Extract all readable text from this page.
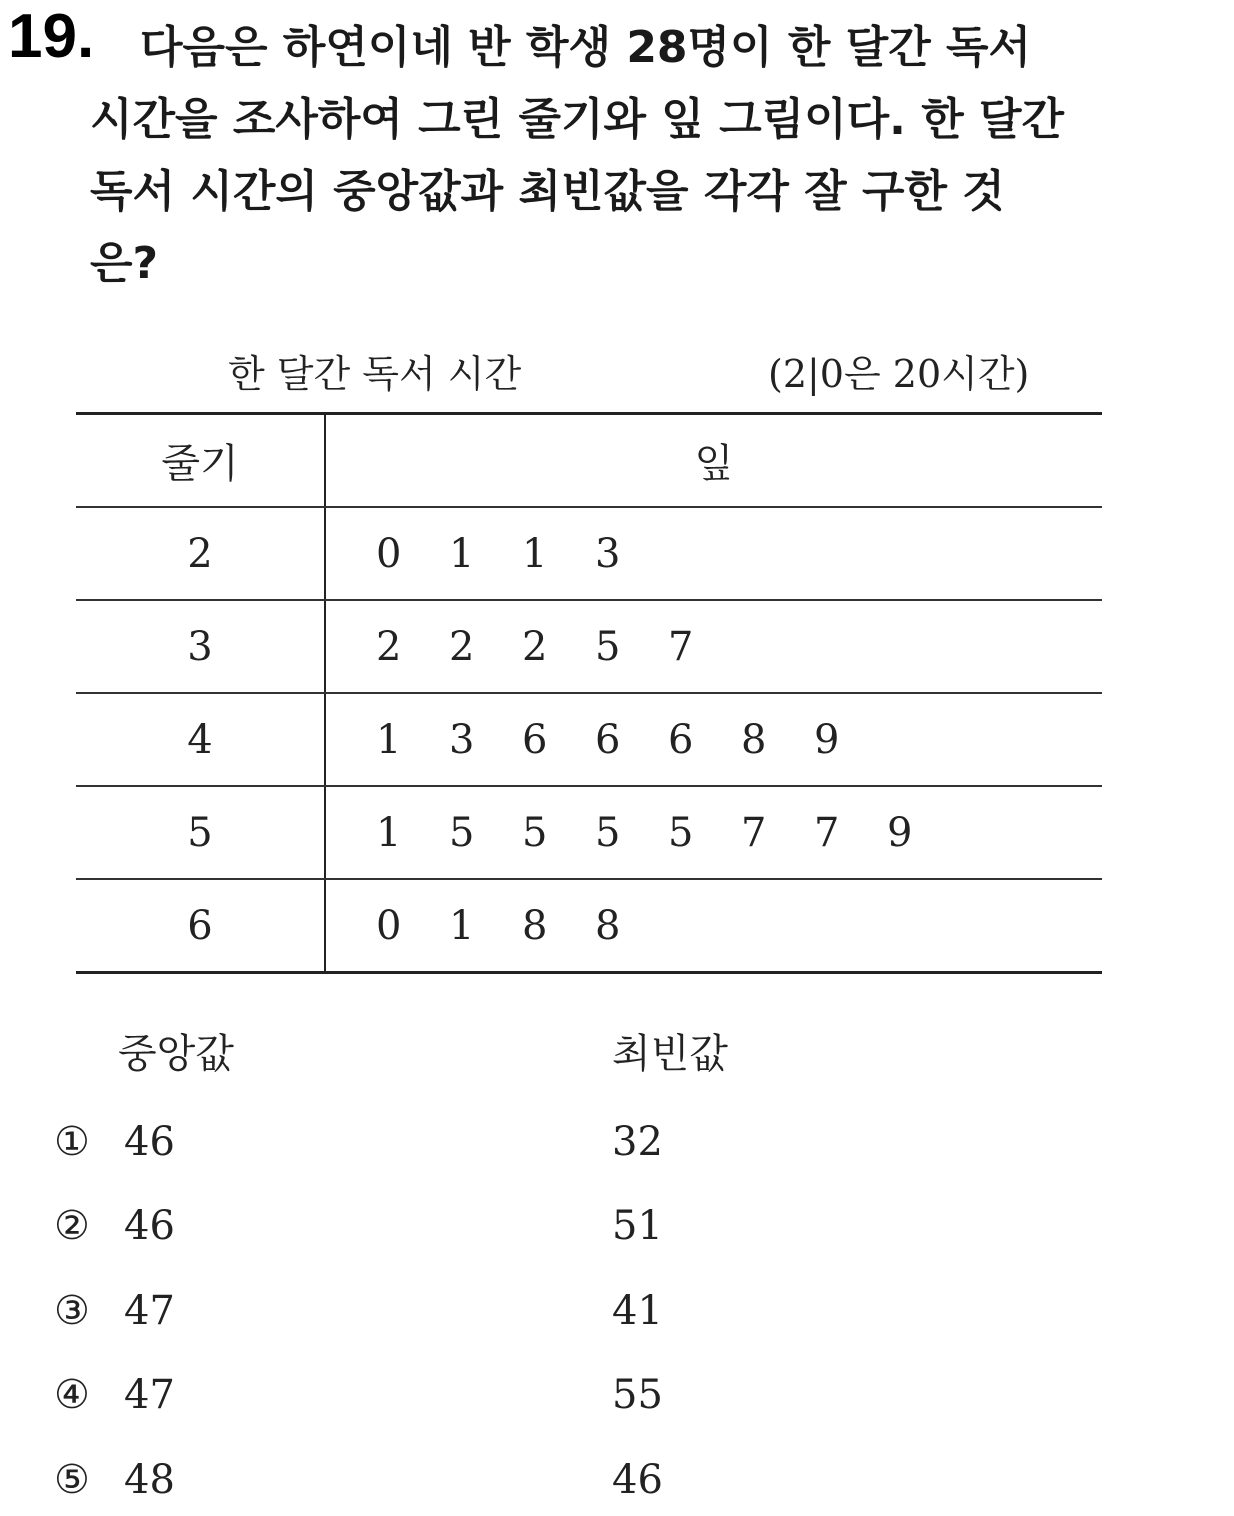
19.	다음은 하연이네 반 학생 28명이 한 달간 독서
시간을 조사하여 그린 줄기와 잎 그림이다. 한 달간
독서 시간의 중앙값과 최빈값을 각각 잘 구한 것
은?
한 달간 독서 시간	(2|0은 20시간)
줄기	잎
2	0 1 1 3
3	2 2 2 5 7
4	1 3 6 6 6 8 9
5	1 5 5 5 5 7 7 9
6	0 1 8 8
중앙값	최빈값
① 46	32
② 46	51
③ 47	41
④ 47	55
⑤ 48	46
